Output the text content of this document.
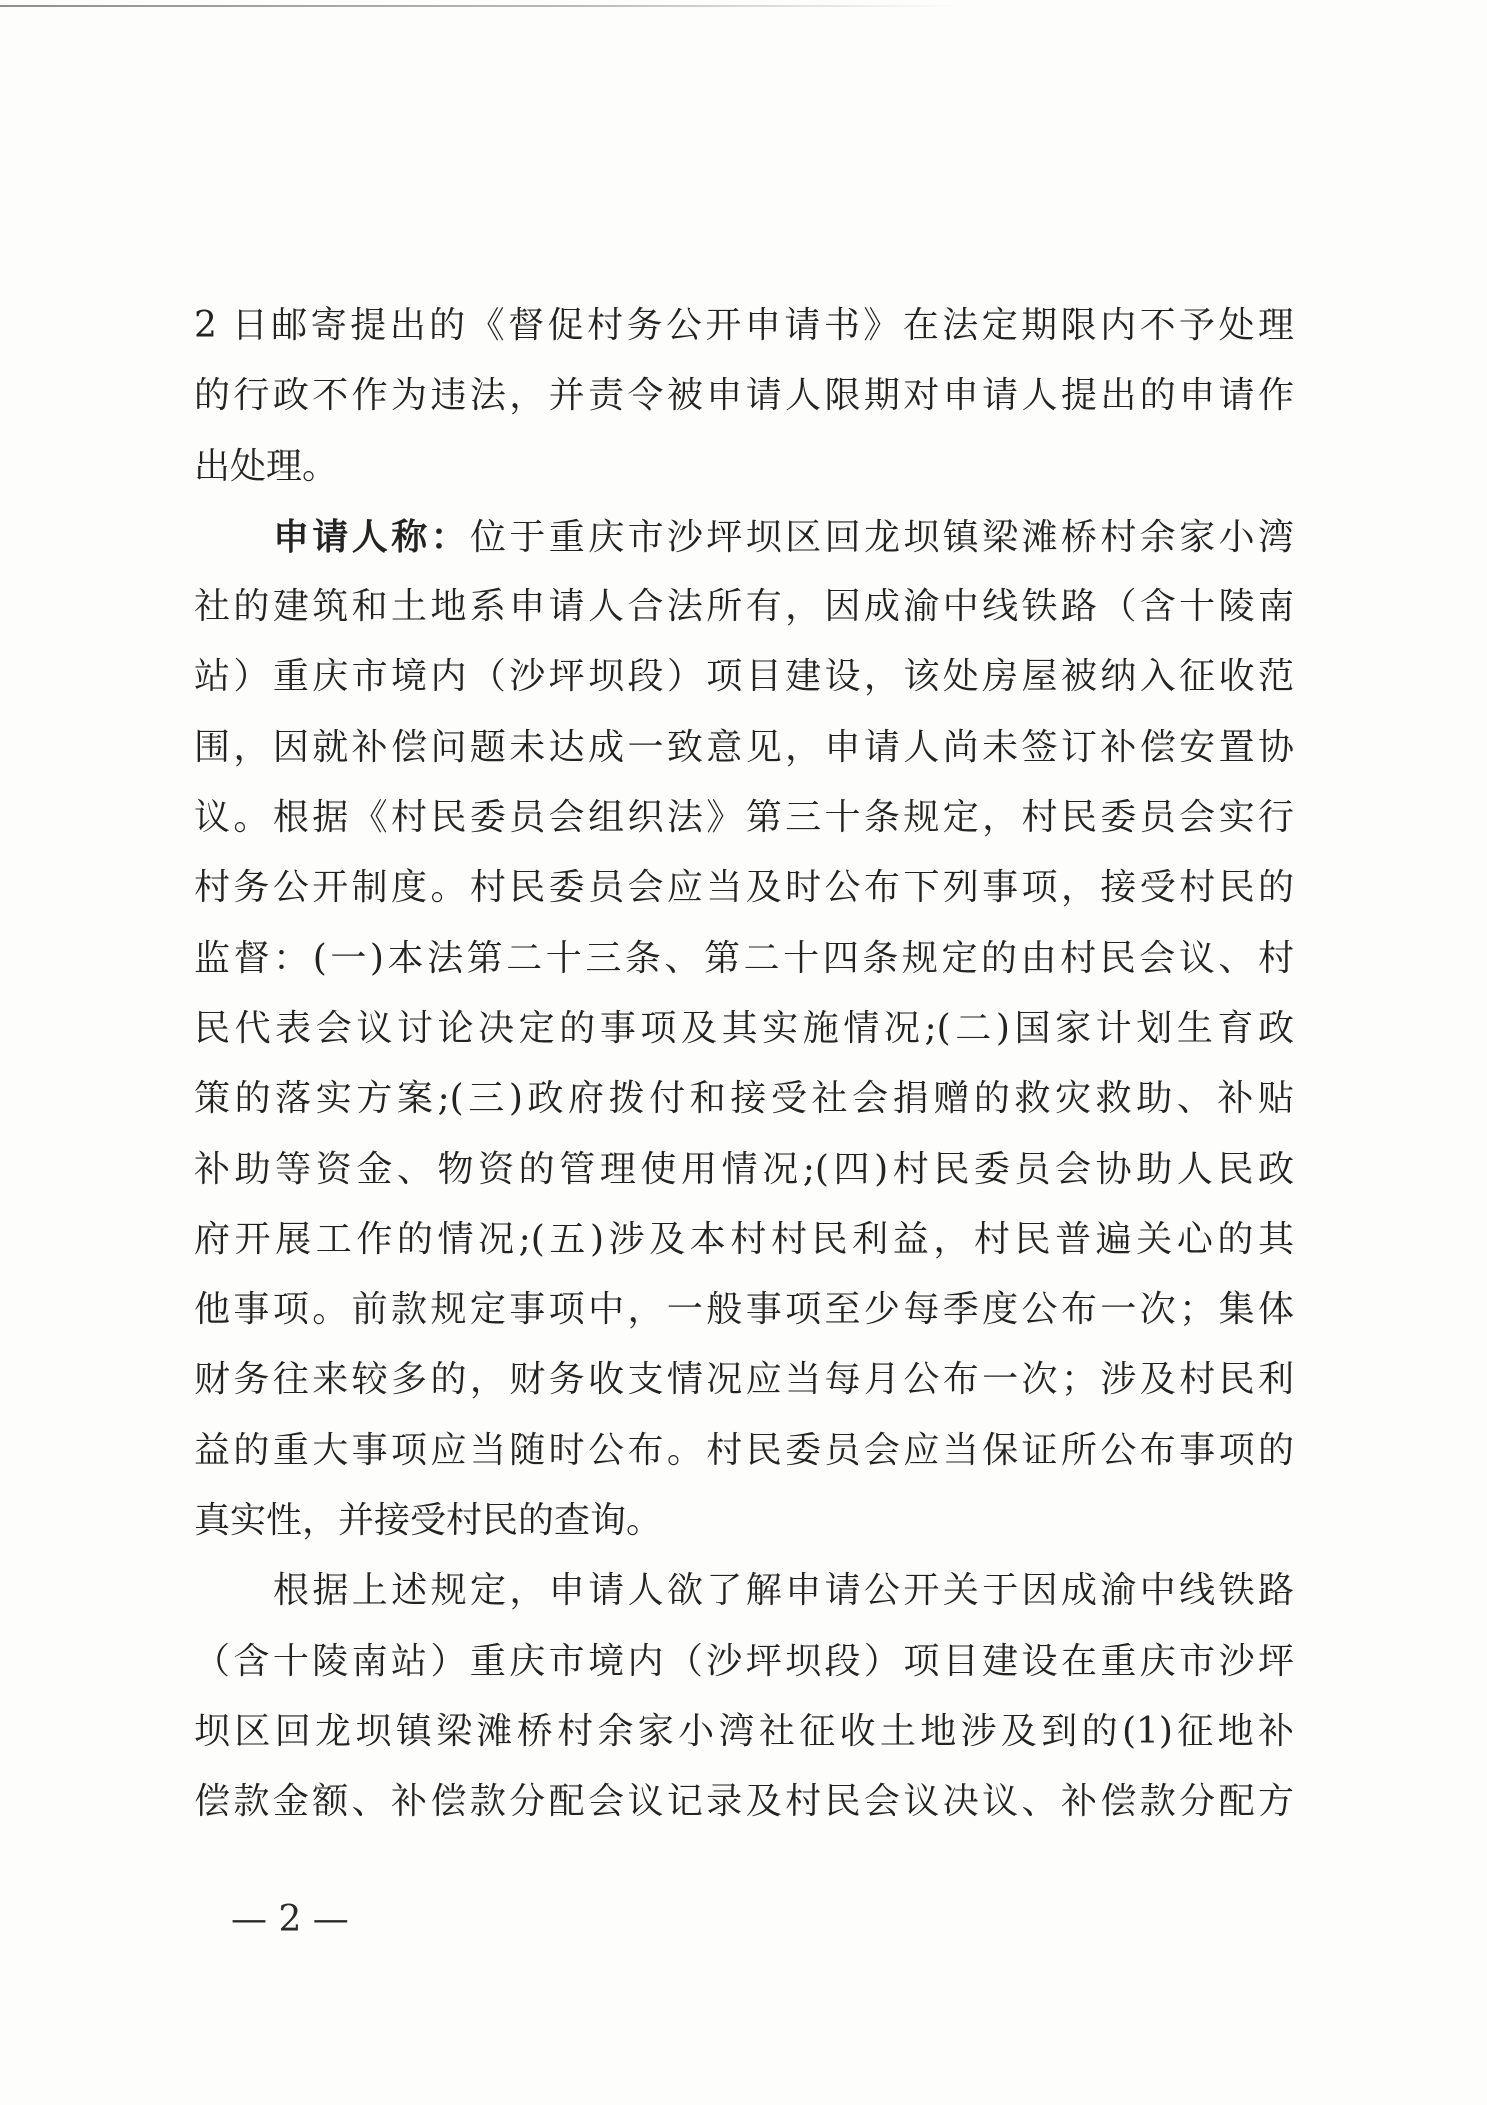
2 日邮寄提出的《督促村务公开申请书》在法定期限内不予处理
的行政不作为违法，并责令被申请人限期对申请人提出的申请作
出处理。
申请人称：位于重庆市沙坪坝区回龙坝镇梁滩桥村余家小湾
社的建筑和土地系申请人合法所有，因成渝中线铁路（含十陵南
站）重庆市境内（沙坪坝段）项目建设，该处房屋被纳入征收范
围，因就补偿问题未达成一致意见，申请人尚未签订补偿安置协
议。根据《村民委员会组织法》第三十条规定，村民委员会实行
村务公开制度。村民委员会应当及时公布下列事项，接受村民的
监督：(一)本法第二十三条、第二十四条规定的由村民会议、村
民代表会议讨论决定的事项及其实施情况;(二)国家计划生育政
策的落实方案;(三)政府拨付和接受社会捐赠的救灾救助、补贴
补助等资金、物资的管理使用情况;(四)村民委员会协助人民政
府开展工作的情况;(五)涉及本村村民利益，村民普遍关心的其
他事项。前款规定事项中，一般事项至少每季度公布一次；集体
财务往来较多的，财务收支情况应当每月公布一次；涉及村民利
益的重大事项应当随时公布。村民委员会应当保证所公布事项的
真实性，并接受村民的查询。
根据上述规定，申请人欲了解申请公开关于因成渝中线铁路
（含十陵南站）重庆市境内（沙坪坝段）项目建设在重庆市沙坪
坝区回龙坝镇梁滩桥村余家小湾社征收土地涉及到的(1)征地补
偿款金额、补偿款分配会议记录及村民会议决议、补偿款分配方
— 2 —
